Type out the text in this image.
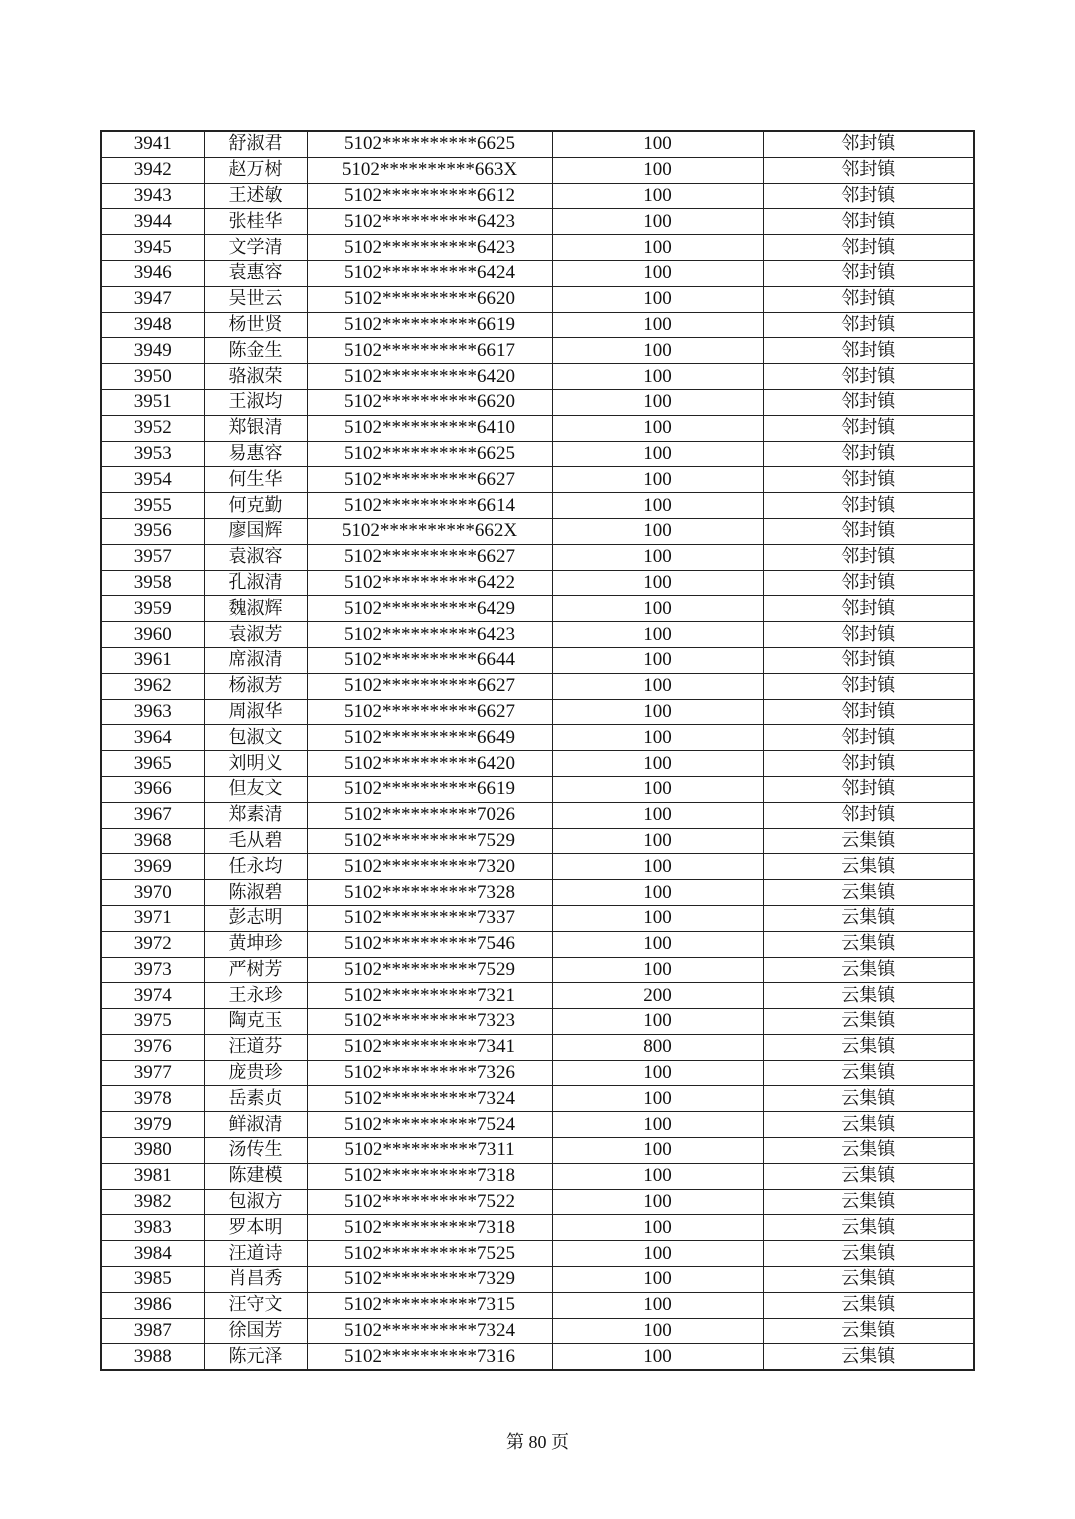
3941	舒淑君	5102**********6625	100	邻封镇
3942	赵万树	5102**********663X	100	邻封镇
3943	王述敏	5102**********6612	100	邻封镇
3944	张桂华	5102**********6423	100	邻封镇
3945	文学清	5102**********6423	100	邻封镇
3946	袁惠容	5102**********6424	100	邻封镇
3947	吴世云	5102**********6620	100	邻封镇
3948	杨世贤	5102**********6619	100	邻封镇
3949	陈金生	5102**********6617	100	邻封镇
3950	骆淑荣	5102**********6420	100	邻封镇
3951	王淑均	5102**********6620	100	邻封镇
3952	郑银清	5102**********6410	100	邻封镇
3953	易惠容	5102**********6625	100	邻封镇
3954	何生华	5102**********6627	100	邻封镇
3955	何克勤	5102**********6614	100	邻封镇
3956	廖国辉	5102**********662X	100	邻封镇
3957	袁淑容	5102**********6627	100	邻封镇
3958	孔淑清	5102**********6422	100	邻封镇
3959	魏淑辉	5102**********6429	100	邻封镇
3960	袁淑芳	5102**********6423	100	邻封镇
3961	席淑清	5102**********6644	100	邻封镇
3962	杨淑芳	5102**********6627	100	邻封镇
3963	周淑华	5102**********6627	100	邻封镇
3964	包淑文	5102**********6649	100	邻封镇
3965	刘明义	5102**********6420	100	邻封镇
3966	但友文	5102**********6619	100	邻封镇
3967	郑素清	5102**********7026	100	邻封镇
3968	毛从碧	5102**********7529	100	云集镇
3969	任永均	5102**********7320	100	云集镇
3970	陈淑碧	5102**********7328	100	云集镇
3971	彭志明	5102**********7337	100	云集镇
3972	黄坤珍	5102**********7546	100	云集镇
3973	严树芳	5102**********7529	100	云集镇
3974	王永珍	5102**********7321	200	云集镇
3975	陶克玉	5102**********7323	100	云集镇
3976	汪道芬	5102**********7341	800	云集镇
3977	庞贵珍	5102**********7326	100	云集镇
3978	岳素贞	5102**********7324	100	云集镇
3979	鲜淑清	5102**********7524	100	云集镇
3980	汤传生	5102**********7311	100	云集镇
3981	陈建模	5102**********7318	100	云集镇
3982	包淑方	5102**********7522	100	云集镇
3983	罗本明	5102**********7318	100	云集镇
3984	汪道诗	5102**********7525	100	云集镇
3985	肖昌秀	5102**********7329	100	云集镇
3986	汪守文	5102**********7315	100	云集镇
3987	徐国芳	5102**********7324	100	云集镇
3988	陈元泽	5102**********7316	100	云集镇
第 80 页
